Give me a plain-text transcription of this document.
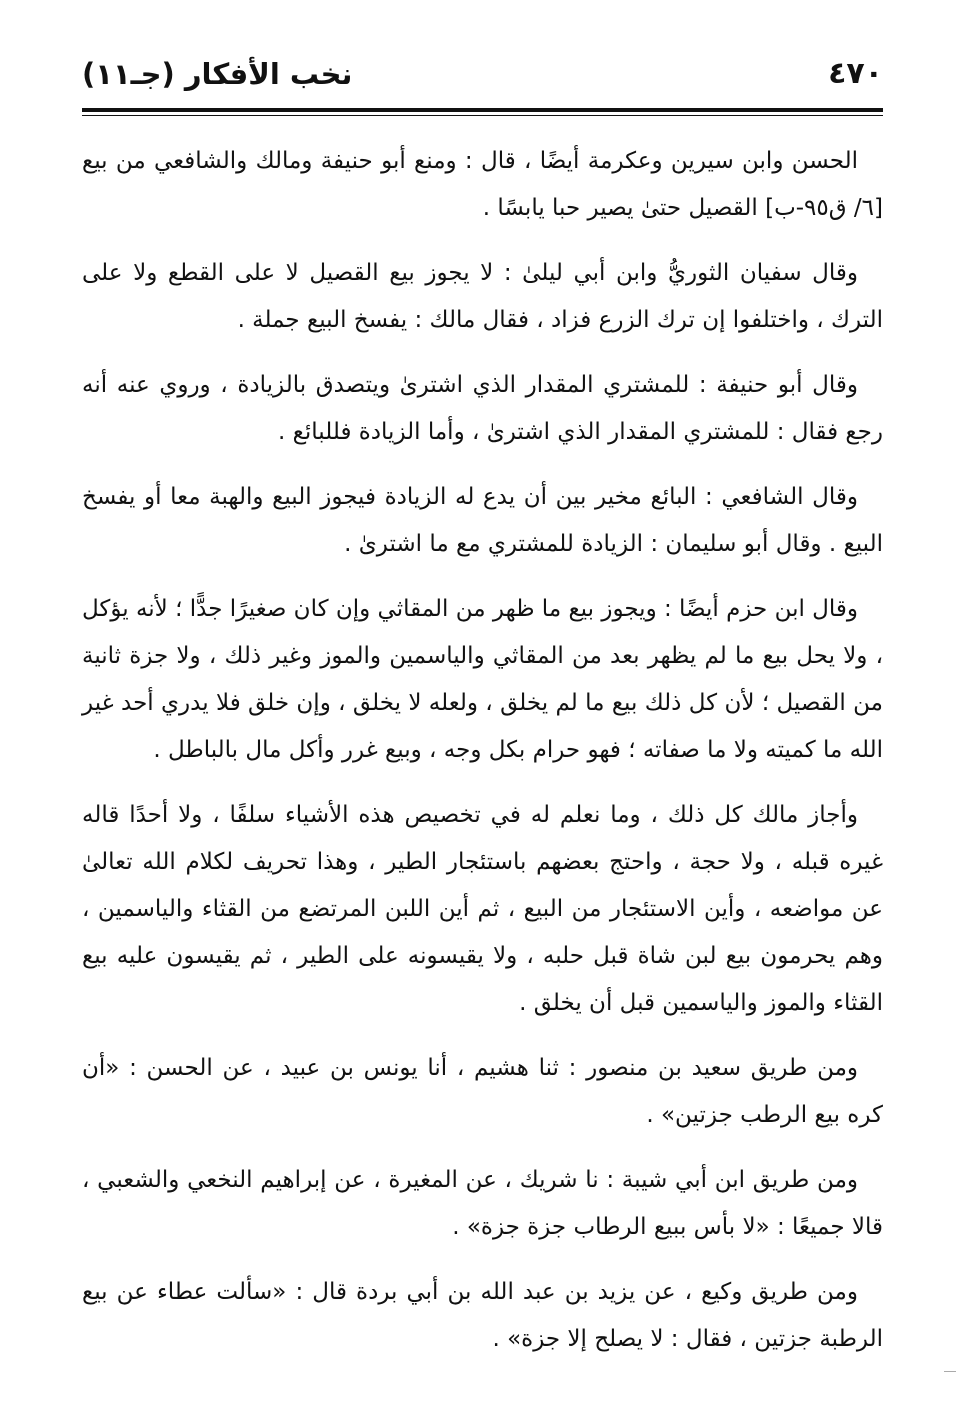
نخب الأفكار (جـ١١)	٤٧٠

الحسن وابن سيرين وعكرمة أيضًا ، قال : ومنع أبو حنيفة ومالك والشافعي من بيع [٦/ ق٩٥-ب] القصيل حتىٰ يصير حبا يابسًا .

وقال سفيان الثوريُّ وابن أبي ليلىٰ : لا يجوز بيع القصيل لا على القطع ولا على الترك ، واختلفوا إن ترك الزرع فزاد ، فقال مالك : يفسخ البيع جملة .

وقال أبو حنيفة : للمشتري المقدار الذي اشترىٰ ويتصدق بالزيادة ، وروي عنه أنه رجع فقال : للمشتري المقدار الذي اشترىٰ ، وأما الزيادة فللبائع .

وقال الشافعي : البائع مخير بين أن يدع له الزيادة فيجوز البيع والهبة معا أو يفسخ البيع . وقال أبو سليمان : الزيادة للمشتري مع ما اشترىٰ .

وقال ابن حزم أيضًا : ويجوز بيع ما ظهر من المقاثي وإن كان صغيرًا جدًّا ؛ لأنه يؤكل ، ولا يحل بيع ما لم يظهر بعد من المقاثي والياسمين والموز وغير ذلك ، ولا جزة ثانية من القصيل ؛ لأن كل ذلك بيع ما لم يخلق ، ولعله لا يخلق ، وإن خلق فلا يدري أحد غير الله ما كميته ولا ما صفاته ؛ فهو حرام بكل وجه ، وبيع غرر وأكل مال بالباطل .

وأجاز مالك كل ذلك ، وما نعلم له في تخصيص هذه الأشياء سلفًا ، ولا أحدًا قاله غيره قبله ، ولا حجة ، واحتج بعضهم باستئجار الطير ، وهذا تحريف لكلام الله تعالىٰ عن مواضعه ، وأين الاستئجار من البيع ، ثم أين اللبن المرتضع من القثاء والياسمين ، وهم يحرمون بيع لبن شاة قبل حلبه ، ولا يقيسونه على الطير ، ثم يقيسون عليه بيع القثاء والموز والياسمين قبل أن يخلق .

ومن طريق سعيد بن منصور : ثنا هشيم ، أنا يونس بن عبيد ، عن الحسن : «أن كره بيع الرطب جزتين» .

ومن طريق ابن أبي شيبة : نا شريك ، عن المغيرة ، عن إبراهيم النخعي والشعبي ، قالا جميعًا : «لا بأس ببيع الرطاب جزة جزة» .

ومن طريق وكيع ، عن يزيد بن عبد الله بن أبي بردة قال : «سألت عطاء عن بيع الرطبة جزتين ، فقال : لا يصلح إلا جزة» .
